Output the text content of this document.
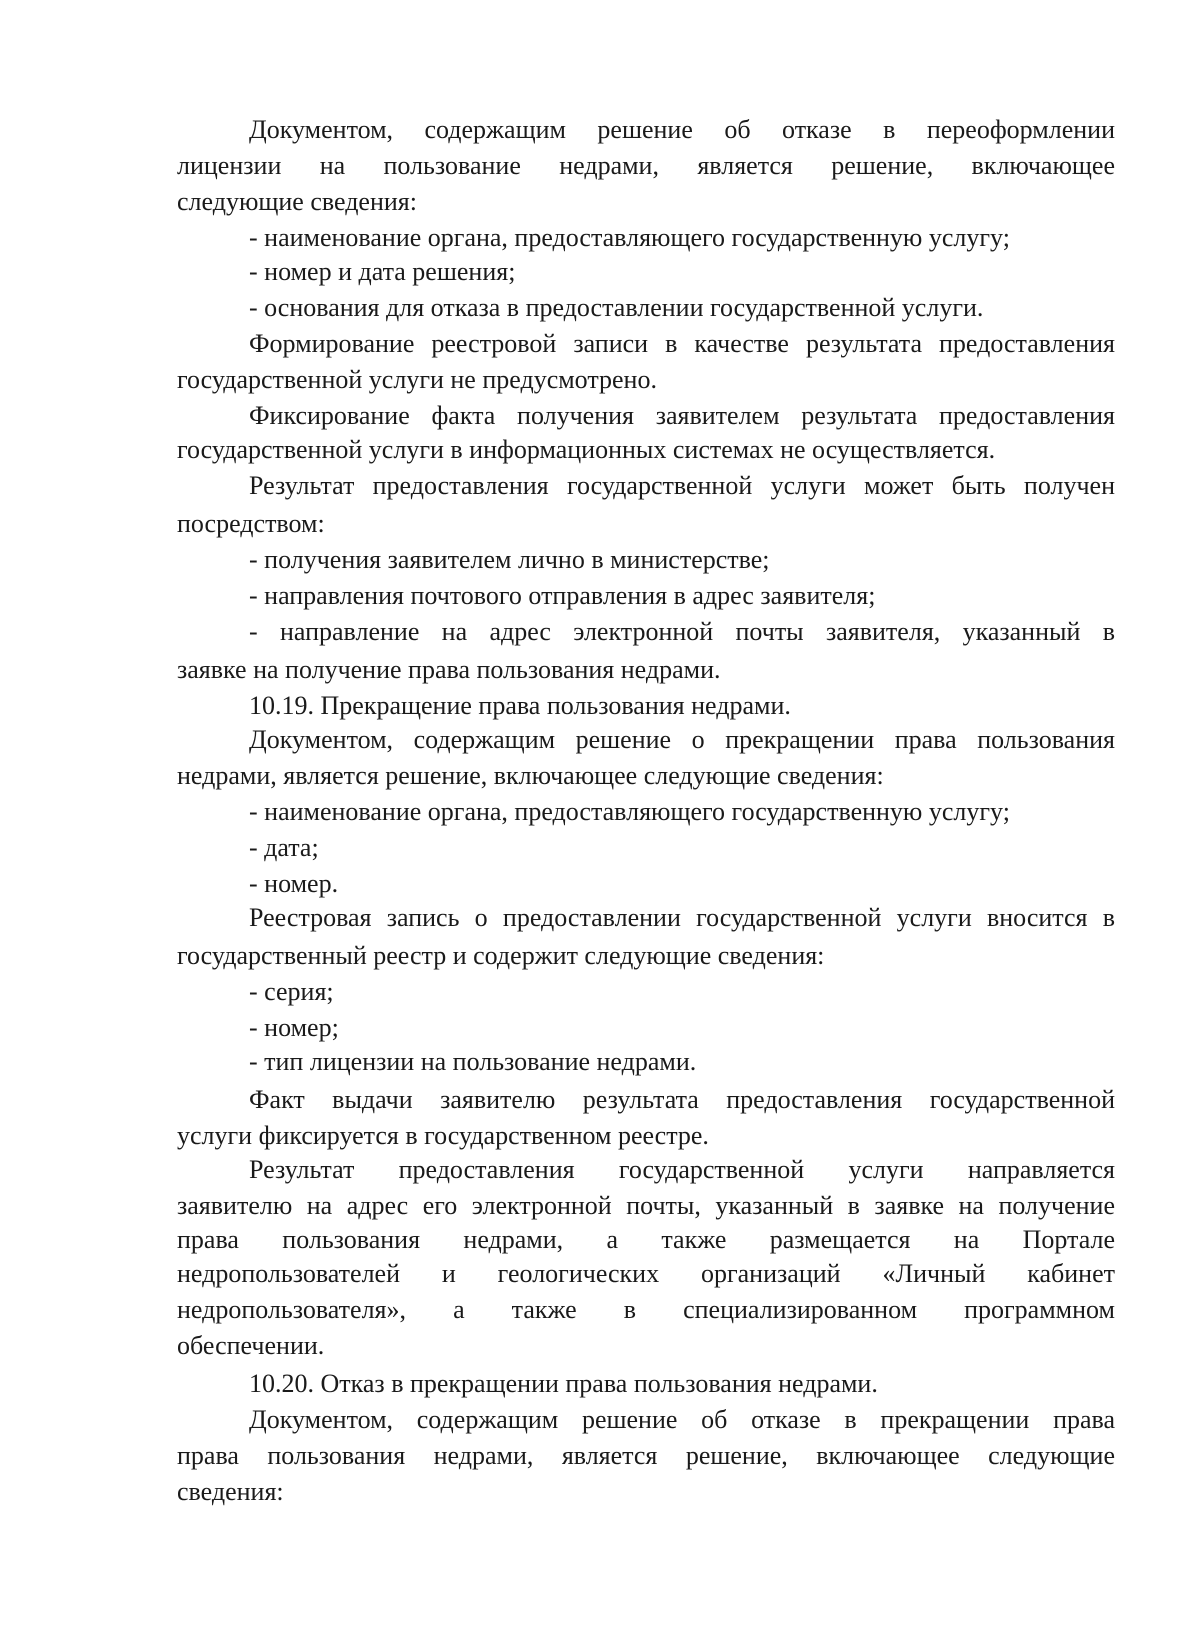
Документом, содержащим решение об отказе в переоформлении
лицензии на пользование недрами, является решение, включающее
следующие сведения:
- наименование органа, предоставляющего государственную услугу;
- номер и дата решения;
- основания для отказа в предоставлении государственной услуги.
Формирование реестровой записи в качестве результата предоставления
государственной услуги не предусмотрено.
Фиксирование факта получения заявителем результата предоставления
государственной услуги в информационных системах не осуществляется.
Результат предоставления государственной услуги может быть получен
посредством:
- получения заявителем лично в министерстве;
- направления почтового отправления в адрес заявителя;
- направление на адрес электронной почты заявителя, указанный в
заявке на получение права пользования недрами.
10.19. Прекращение права пользования недрами.
Документом, содержащим решение о прекращении права пользования
недрами, является решение, включающее следующие сведения:
- наименование органа, предоставляющего государственную услугу;
- дата;
- номер.
Реестровая запись о предоставлении государственной услуги вносится в
государственный реестр и содержит следующие сведения:
- серия;
- номер;
- тип лицензии на пользование недрами.
Факт выдачи заявителю результата предоставления государственной
услуги фиксируется в государственном реестре.
Результат предоставления государственной услуги направляется
заявителю на адрес его электронной почты, указанный в заявке на получение
права пользования недрами, а также размещается на Портале
недропользователей и геологических организаций «Личный кабинет
недропользователя», а также в специализированном программном
обеспечении.
10.20. Отказ в прекращении права пользования недрами.
Документом, содержащим решение об отказе в прекращении права
права пользования недрами, является решение, включающее следующие
сведения:
